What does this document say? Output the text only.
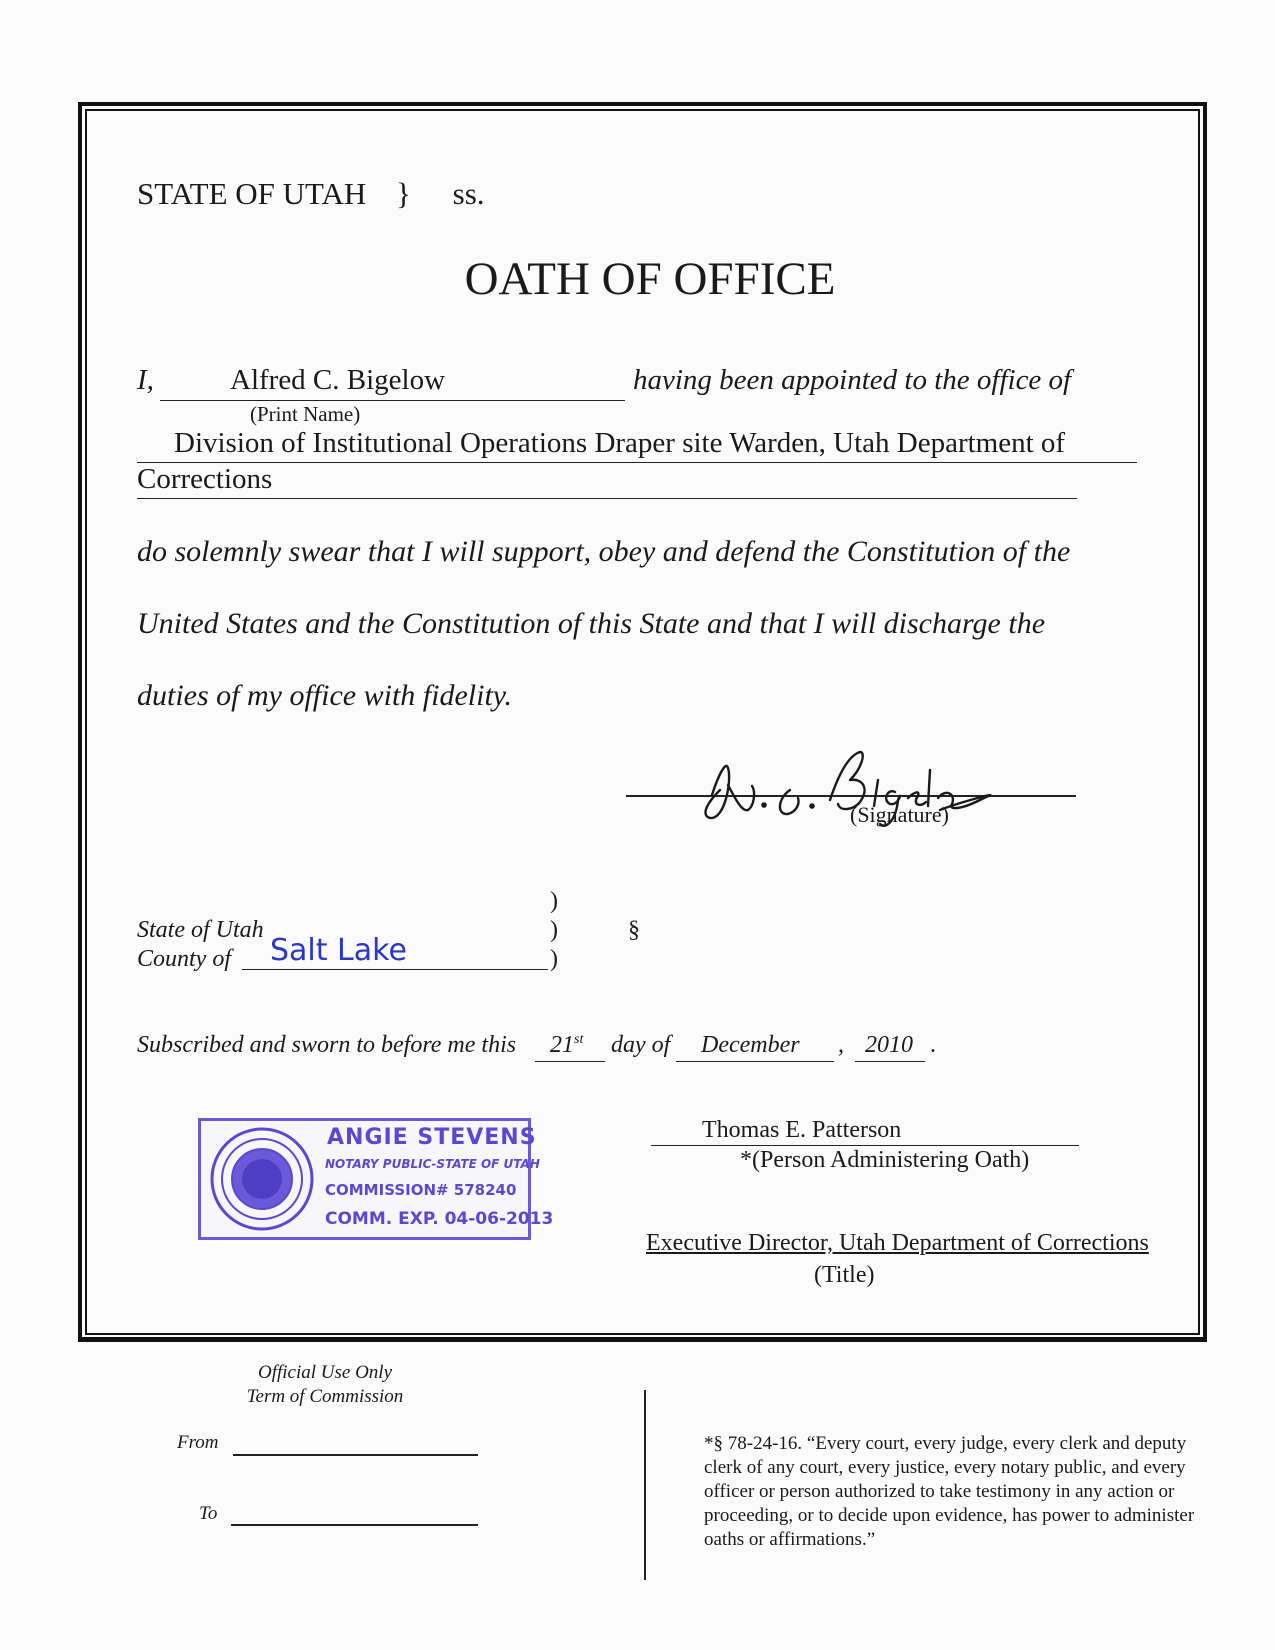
STATE OF UTAH } ss.
OATH OF OFFICE
I,	Alfred C. Bigelow	having been appointed to the office of
(Print Name)
Division of Institutional Operations Draper site Warden, Utah Department of
Corrections
do solemnly swear that I will support, obey and defend the Constitution of the
United States and the Constitution of this State and that I will discharge the
duties of my office with fidelity.
(Signature)
)
State of Utah	)	§
County of Salt Lake	)
Subscribed and sworn to before me this 21st day of December , 2010 .
ANGIE STEVENS
NOTARY PUBLIC-STATE OF UTAH
COMMISSION# 578240
COMM. EXP. 04-06-2013
Thomas E. Patterson
*(Person Administering Oath)
Executive Director, Utah Department of Corrections
(Title)
Official Use Only
Term of Commission
From
To
*§ 78-24-16. “Every court, every judge, every clerk and deputy clerk of any court, every justice, every notary public, and every officer or person authorized to take testimony in any action or proceeding, or to decide upon evidence, has power to administer oaths or affirmations.”
